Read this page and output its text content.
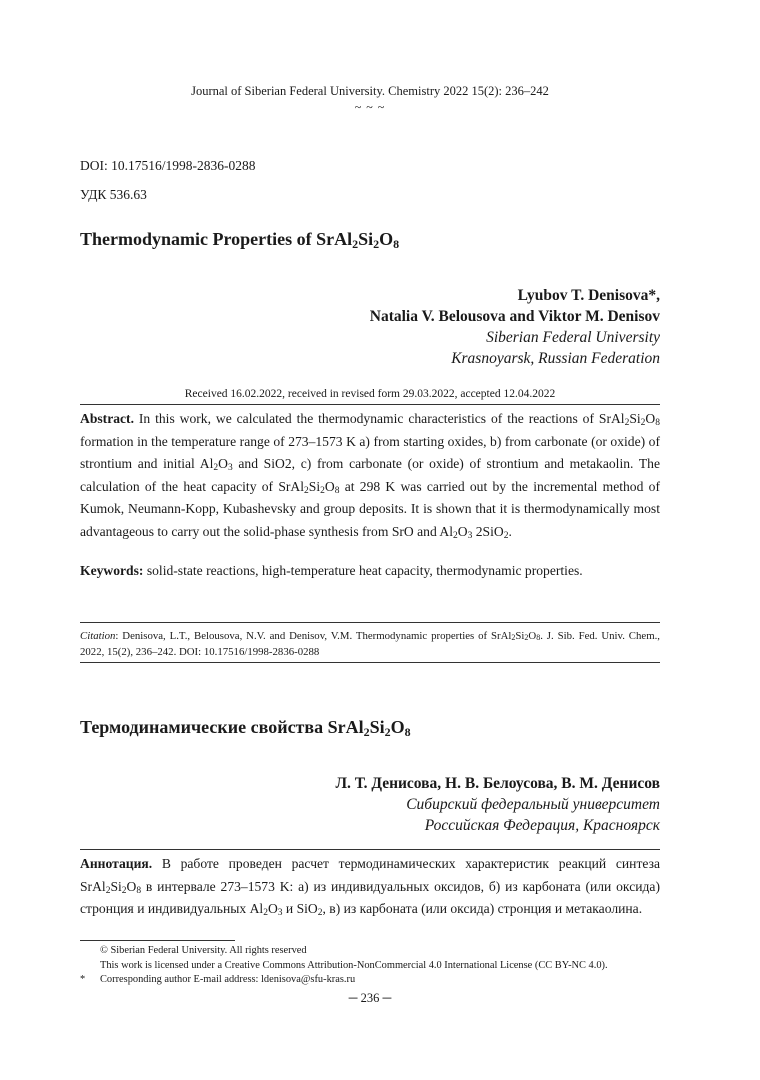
Journal of Siberian Federal University. Chemistry 2022 15(2): 236–242
~ ~ ~
DOI: 10.17516/1998-2836-0288
УДК 536.63
Thermodynamic Properties of $SrAl_2Si_2O_8$
Lyubov T. Denisova*,
Natalia V. Belousova and Viktor M. Denisov
Siberian Federal University
Krasnoyarsk, Russian Federation
Received 16.02.2022, received in revised form 29.03.2022, accepted 12.04.2022
Abstract. In this work, we calculated the thermodynamic characteristics of the reactions of $SrAl_2Si_2O_8$ formation in the temperature range of 273–1573 K a) from starting oxides, b) from carbonate (or oxide) of strontium and initial $Al_2O_3$ and SiO2, c) from carbonate (or oxide) of strontium and metakaolin. The calculation of the heat capacity of $SrAl_2Si_2O_8$ at 298 K was carried out by the incremental method of Kumok, Neumann-Kopp, Kubashevsky and group deposits. It is shown that it is thermodynamically most advantageous to carry out the solid-phase synthesis from SrO and $Al_2O_3$ 2SiO$_2$.
Keywords: solid-state reactions, high-temperature heat capacity, thermodynamic properties.
Citation: Denisova, L.T., Belousova, N.V. and Denisov, V.M. Thermodynamic properties of $SrAl_2Si_2O_8$. J. Sib. Fed. Univ. Chem., 2022, 15(2), 236–242. DOI: 10.17516/1998-2836-0288
Термодинамические свойства $SrAl_2Si_2O_8$
Л. Т. Денисова, Н. В. Белоусова, В. М. Денисов
Сибирский федеральный университет
Российская Федерация, Красноярск
Аннотация. В работе проведен расчет термодинамических характеристик реакций синтеза $SrAl_2Si_2O_8$ в интервале 273–1573 K: а) из индивидуальных оксидов, б) из карбоната (или оксида) стронция и индивидуальных $Al_2O_3$ и SiO$_2$, в) из карбоната (или оксида) стронция и метакаолина.
© Siberian Federal University. All rights reserved
This work is licensed under a Creative Commons Attribution-NonCommercial 4.0 International License (CC BY-NC 4.0).
* Corresponding author E-mail address: ldenisova@sfu-kras.ru
─ 236 ─
